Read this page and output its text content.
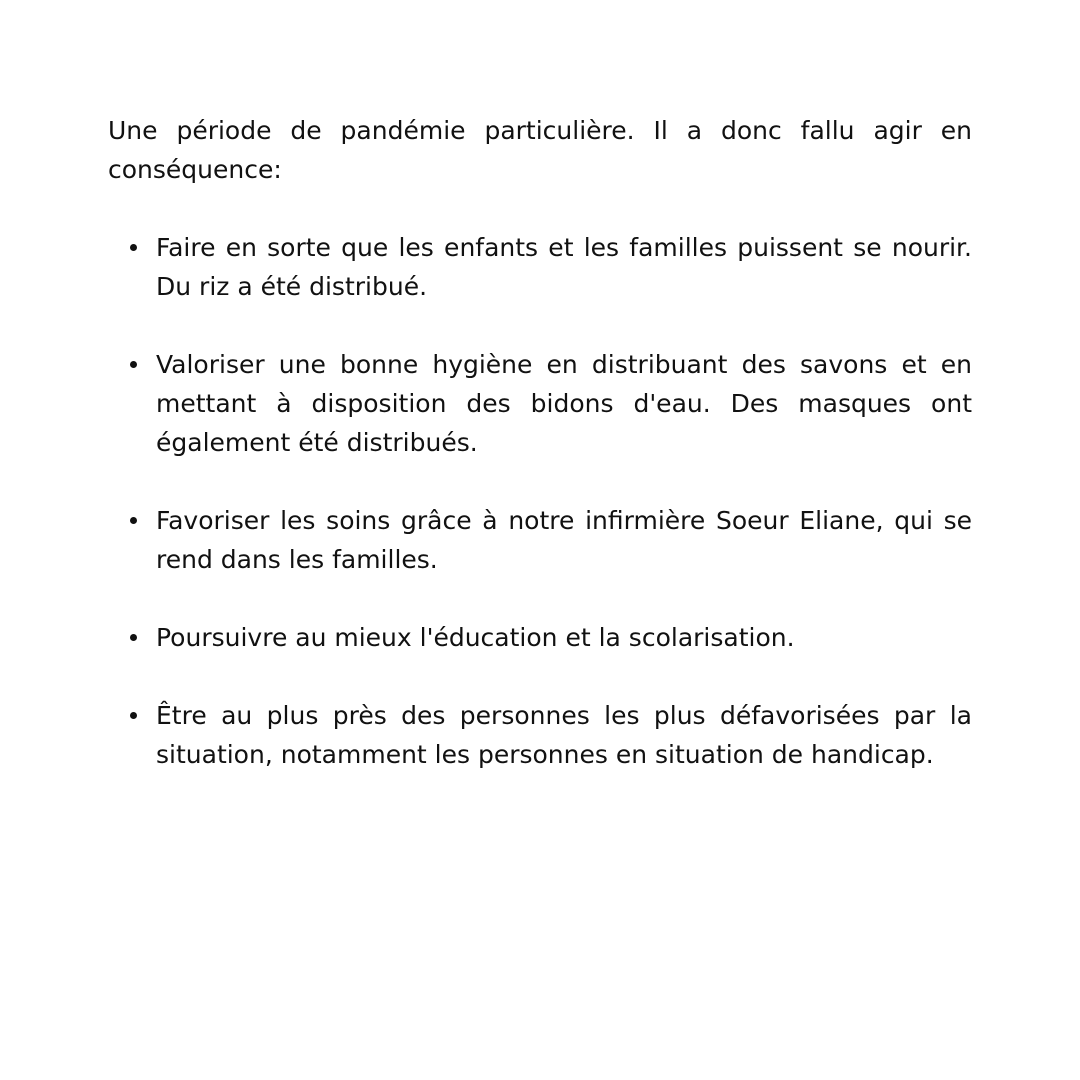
Une période de pandémie particulière. Il a donc fallu agir en conséquence:

Faire en sorte que les enfants et les familles puissent se nourir. Du riz a été distribué.
Valoriser une bonne hygiène en distribuant des savons et en mettant à disposition des bidons d'eau. Des masques ont également été distribués.
Favoriser les soins grâce à notre infirmière Soeur Eliane, qui se rend dans les familles.
Poursuivre au mieux l'éducation et la scolarisation.
Être au plus près des personnes les plus défavorisées par la situation, notamment les personnes en situation de handicap.
